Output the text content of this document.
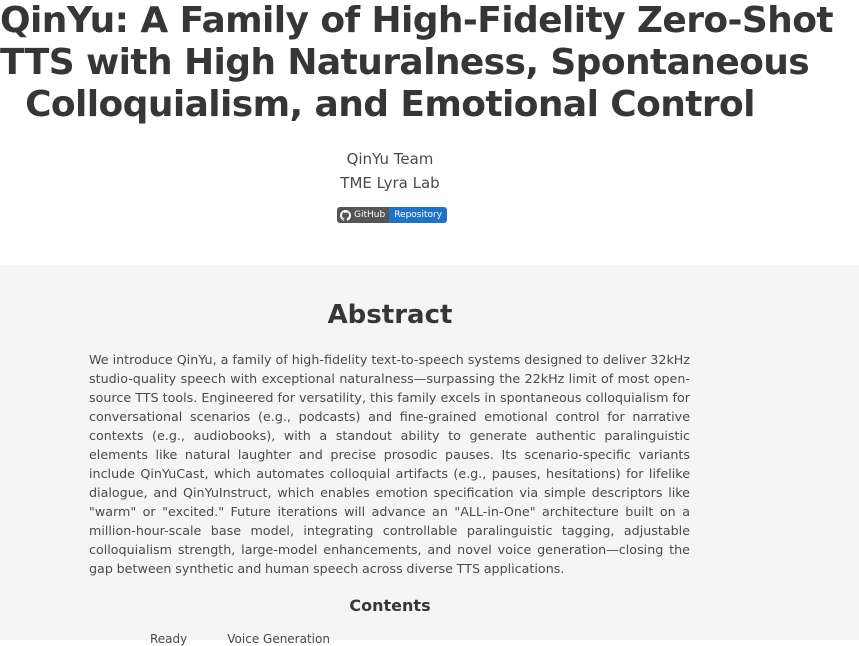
QinYu: A Family of High-Fidelity Zero-Shot
TTS with High Naturalness, Spontaneous
Colloquialism, and Emotional Control
QinYu Team
TME Lyra Lab
GitHub	Repository
Abstract

We introduce QinYu, a family of high-fidelity text-to-speech systems designed to deliver 32kHz studio-quality speech with exceptional naturalness—surpassing the 22kHz limit of most open-source TTS tools. Engineered for versatility, this family excels in spontaneous colloquialism for conversational scenarios (e.g., podcasts) and fine-grained emotional control for narrative contexts (e.g., audiobooks), with a standout ability to generate authentic paralinguistic elements like natural laughter and precise prosodic pauses. Its scenario-specific variants include QinYuCast, which automates colloquial artifacts (e.g., pauses, hesitations) for lifelike dialogue, and QinYuInstruct, which enables emotion specification via simple descriptors like "warm" or "excited." Future iterations will advance an "ALL-in-One" architecture built on a million-hour-scale base model, integrating controllable paralinguistic tagging, adjustable colloquialism strength, large-model enhancements, and novel voice generation—closing the gap between synthetic and human speech across diverse TTS applications.

Contents
Ready	Voice Generation
